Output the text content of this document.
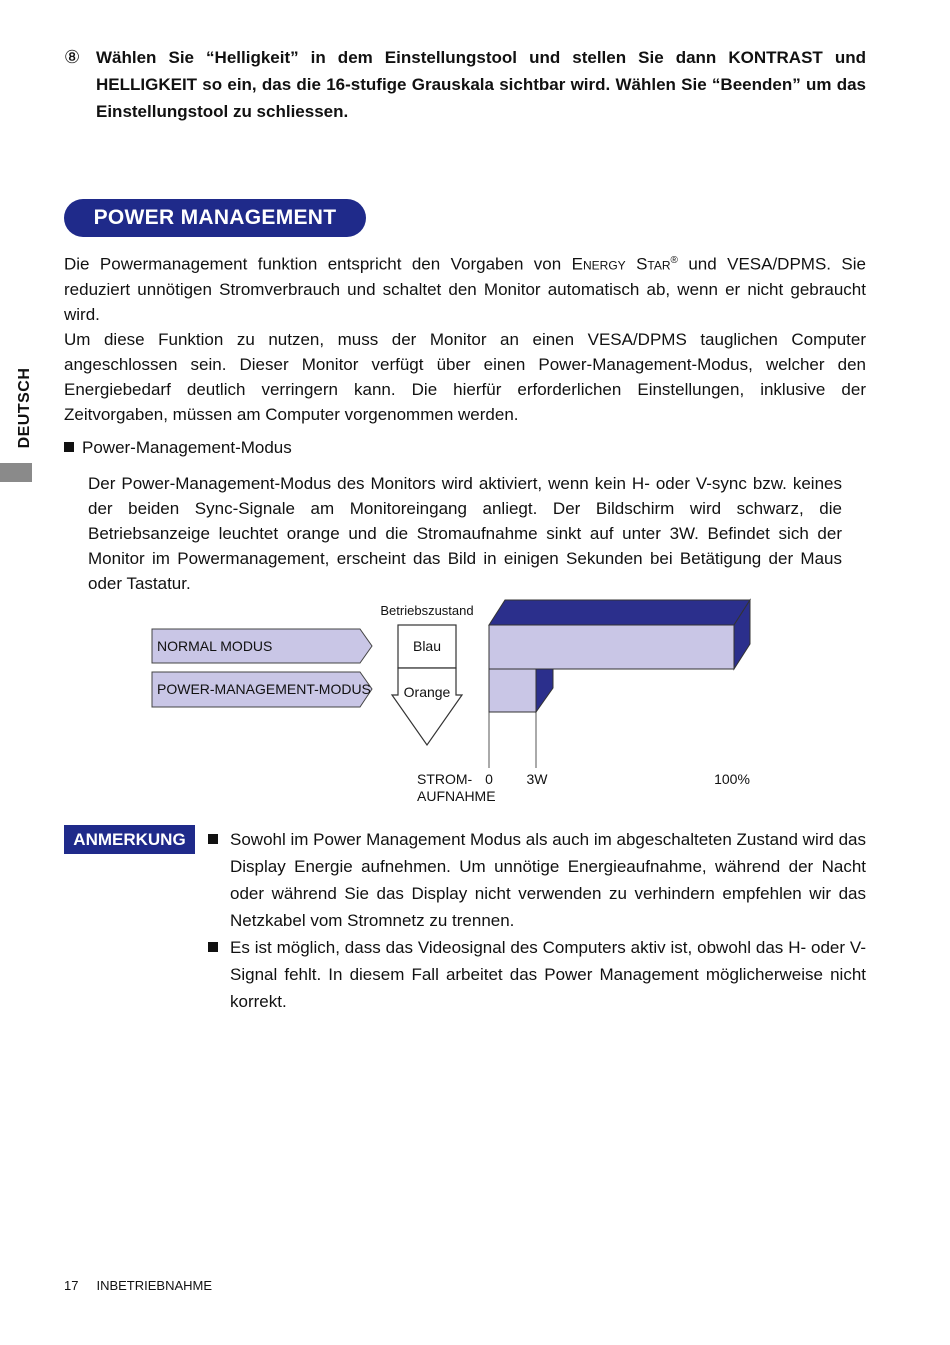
⑧ Wählen Sie “Helligkeit” in dem Einstellungstool und stellen Sie dann KONTRAST und HELLIGKEIT so ein, das die 16-stufige Grauskala sichtbar wird. Wählen Sie “Beenden” um das Einstellungstool zu schliessen.
POWER MANAGEMENT

Die Powermanagement funktion entspricht den Vorgaben von Energy Star® und VESA/DPMS. Sie reduziert unnötigen Stromverbrauch und schaltet den Monitor automatisch ab, wenn er nicht gebraucht wird.

Um diese Funktion zu nutzen, muss der Monitor an einen VESA/DPMS tauglichen Computer angeschlossen sein. Dieser Monitor verfügt über einen Power-Management-Modus, welcher den Energiebedarf deutlich verringern kann. Die hierfür erforderlichen Einstellungen, inklusive der Zeitvorgaben, müssen am Computer vorgenommen werden.

DEUTSCH	Power-Management-Modus
Der Power-Management-Modus des Monitors wird aktiviert, wenn kein H- oder V-sync bzw. keines der beiden Sync-Signale am Monitoreingang anliegt. Der Bildschirm wird schwarz, die Betriebsanzeige leuchtet orange und die Stromaufnahme sinkt auf unter 3W. Befindet sich der Monitor im Powermanagement, erscheint das Bild in einigen Sekunden bei Betätigung der Maus oder Tastatur.
Betriebszustand
NORMAL MODUS
POWER-MANAGEMENT-MODUS
Blau
Orange
STROM-
AUFNAHME
0 3W	100%
ANMERKUNG	Sowohl im Power Management Modus als auch im abgeschalteten Zustand wird das Display Energie aufnehmen. Um unnötige Energieaufnahme, während der Nacht oder während Sie das Display nicht verwenden zu verhindern empfehlen wir das Netzkabel vom Stromnetz zu trennen.
Es ist möglich, dass das Videosignal des Computers aktiv ist, obwohl das H- oder V- Signal fehlt. In diesem Fall arbeitet das Power Management möglicherweise nicht korrekt.
17 INBETRIEBNAHME
